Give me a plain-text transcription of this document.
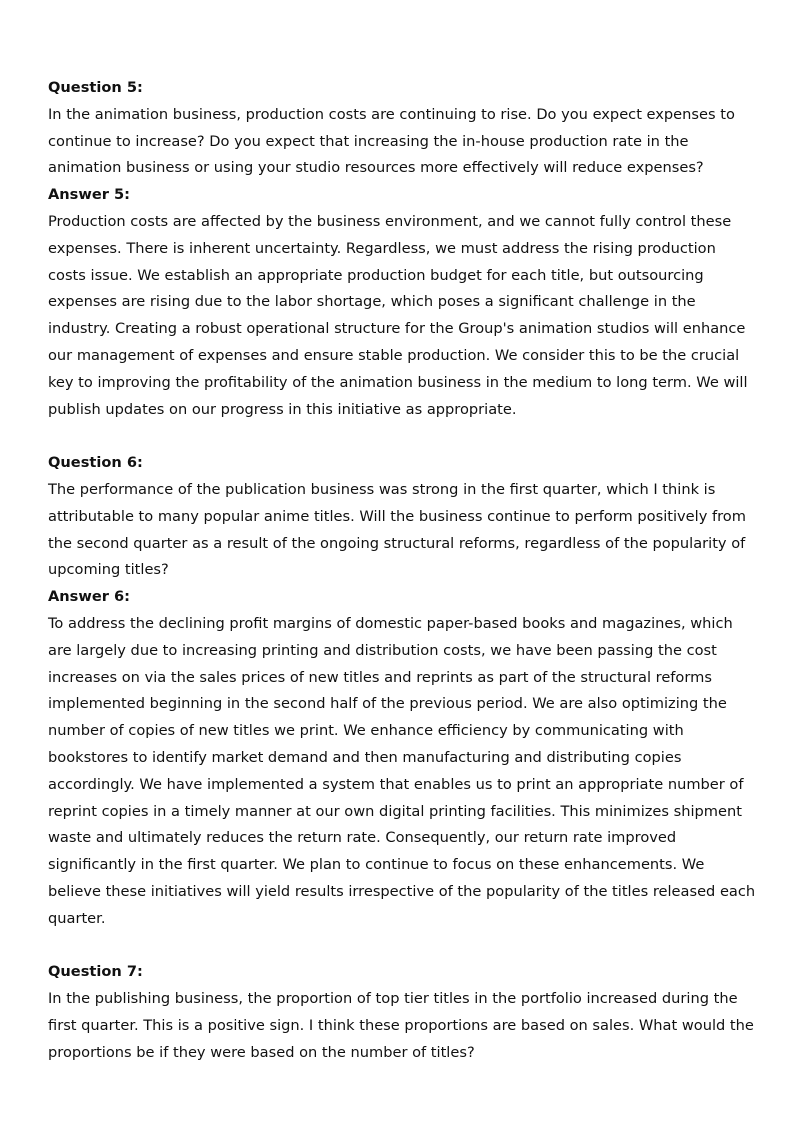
Question 5:

In the animation business, production costs are continuing to rise. Do you expect expenses to continue to increase? Do you expect that increasing the in-house production rate in the animation business or using your studio resources more effectively will reduce expenses?

Answer 5:

Production costs are affected by the business environment, and we cannot fully control these expenses. There is inherent uncertainty. Regardless, we must address the rising production costs issue. We establish an appropriate production budget for each title, but outsourcing expenses are rising due to the labor shortage, which poses a significant challenge in the industry. Creating a robust operational structure for the Group's animation studios will enhance our management of expenses and ensure stable production. We consider this to be the crucial key to improving the profitability of the animation business in the medium to long term. We will publish updates on our progress in this initiative as appropriate.

Question 6:

The performance of the publication business was strong in the first quarter, which I think is attributable to many popular anime titles. Will the business continue to perform positively from the second quarter as a result of the ongoing structural reforms, regardless of the popularity of upcoming titles?

Answer 6:

To address the declining profit margins of domestic paper-based books and magazines, which are largely due to increasing printing and distribution costs, we have been passing the cost increases on via the sales prices of new titles and reprints as part of the structural reforms implemented beginning in the second half of the previous period. We are also optimizing the number of copies of new titles we print. We enhance efficiency by communicating with bookstores to identify market demand and then manufacturing and distributing copies accordingly. We have implemented a system that enables us to print an appropriate number of reprint copies in a timely manner at our own digital printing facilities. This minimizes shipment waste and ultimately reduces the return rate. Consequently, our return rate improved significantly in the first quarter. We plan to continue to focus on these enhancements. We believe these initiatives will yield results irrespective of the popularity of the titles released each quarter.

Question 7:

In the publishing business, the proportion of top tier titles in the portfolio increased during the first quarter. This is a positive sign. I think these proportions are based on sales. What would the proportions be if they were based on the number of titles?
